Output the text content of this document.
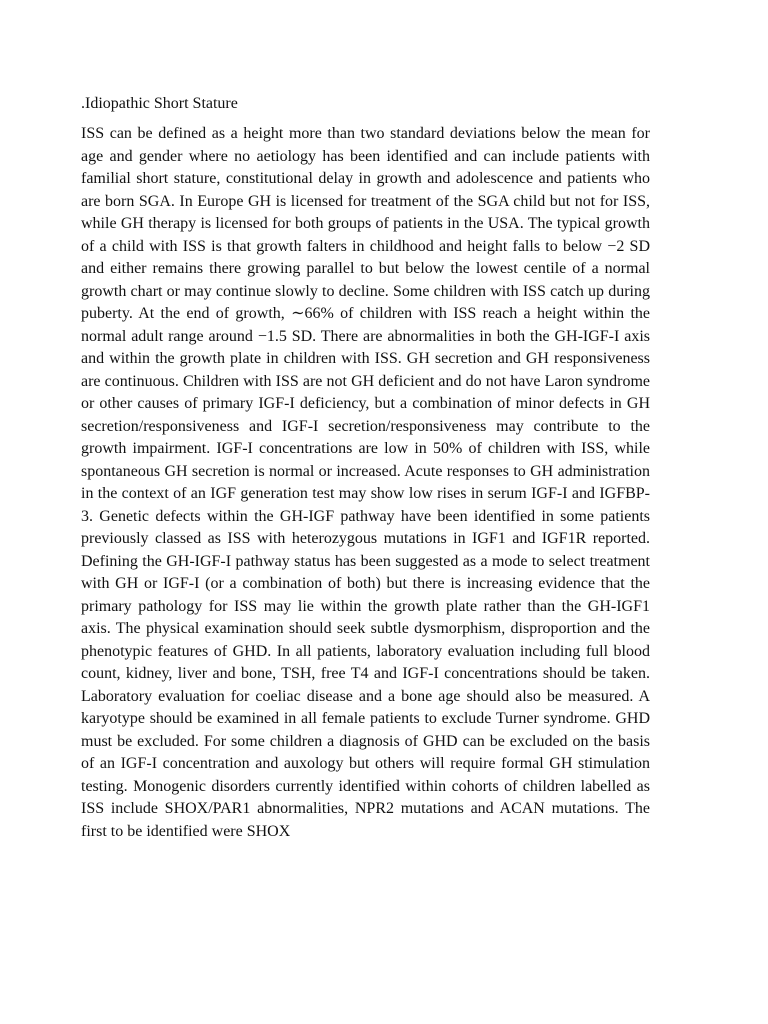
.Idiopathic Short Stature

ISS can be defined as a height more than two standard deviations below the mean for age and gender where no aetiology has been identified and can include patients with familial short stature, constitutional delay in growth and adolescence and patients who are born SGA. In Europe GH is licensed for treatment of the SGA child but not for ISS, while GH therapy is licensed for both groups of patients in the USA. The typical growth of a child with ISS is that growth falters in childhood and height falls to below −2 SD and either remains there growing parallel to but below the lowest centile of a normal growth chart or may continue slowly to decline. Some children with ISS catch up during puberty. At the end of growth, ∼66% of children with ISS reach a height within the normal adult range around −1.5 SD. There are abnormalities in both the GH-IGF-I axis and within the growth plate in children with ISS. GH secretion and GH responsiveness are continuous. Children with ISS are not GH deficient and do not have Laron syndrome or other causes of primary IGF-I deficiency, but a combination of minor defects in GH secretion/responsiveness and IGF-I secretion/responsiveness may contribute to the growth impairment. IGF-I concentrations are low in 50% of children with ISS, while spontaneous GH secretion is normal or increased. Acute responses to GH administration in the context of an IGF generation test may show low rises in serum IGF-I and IGFBP-3. Genetic defects within the GH-IGF pathway have been identified in some patients previously classed as ISS with heterozygous mutations in IGF1 and IGF1R reported. Defining the GH-IGF-I pathway status has been suggested as a mode to select treatment with GH or IGF-I (or a combination of both) but there is increasing evidence that the primary pathology for ISS may lie within the growth plate rather than the GH-IGF1 axis. The physical examination should seek subtle dysmorphism, disproportion and the phenotypic features of GHD. In all patients, laboratory evaluation including full blood count, kidney, liver and bone, TSH, free T4 and IGF-I concentrations should be taken. Laboratory evaluation for coeliac disease and a bone age should also be measured. A karyotype should be examined in all female patients to exclude Turner syndrome. GHD must be excluded. For some children a diagnosis of GHD can be excluded on the basis of an IGF-I concentration and auxology but others will require formal GH stimulation testing. Monogenic disorders currently identified within cohorts of children labelled as ISS include SHOX/PAR1 abnormalities, NPR2 mutations and ACAN mutations. The first to be identified were SHOX
